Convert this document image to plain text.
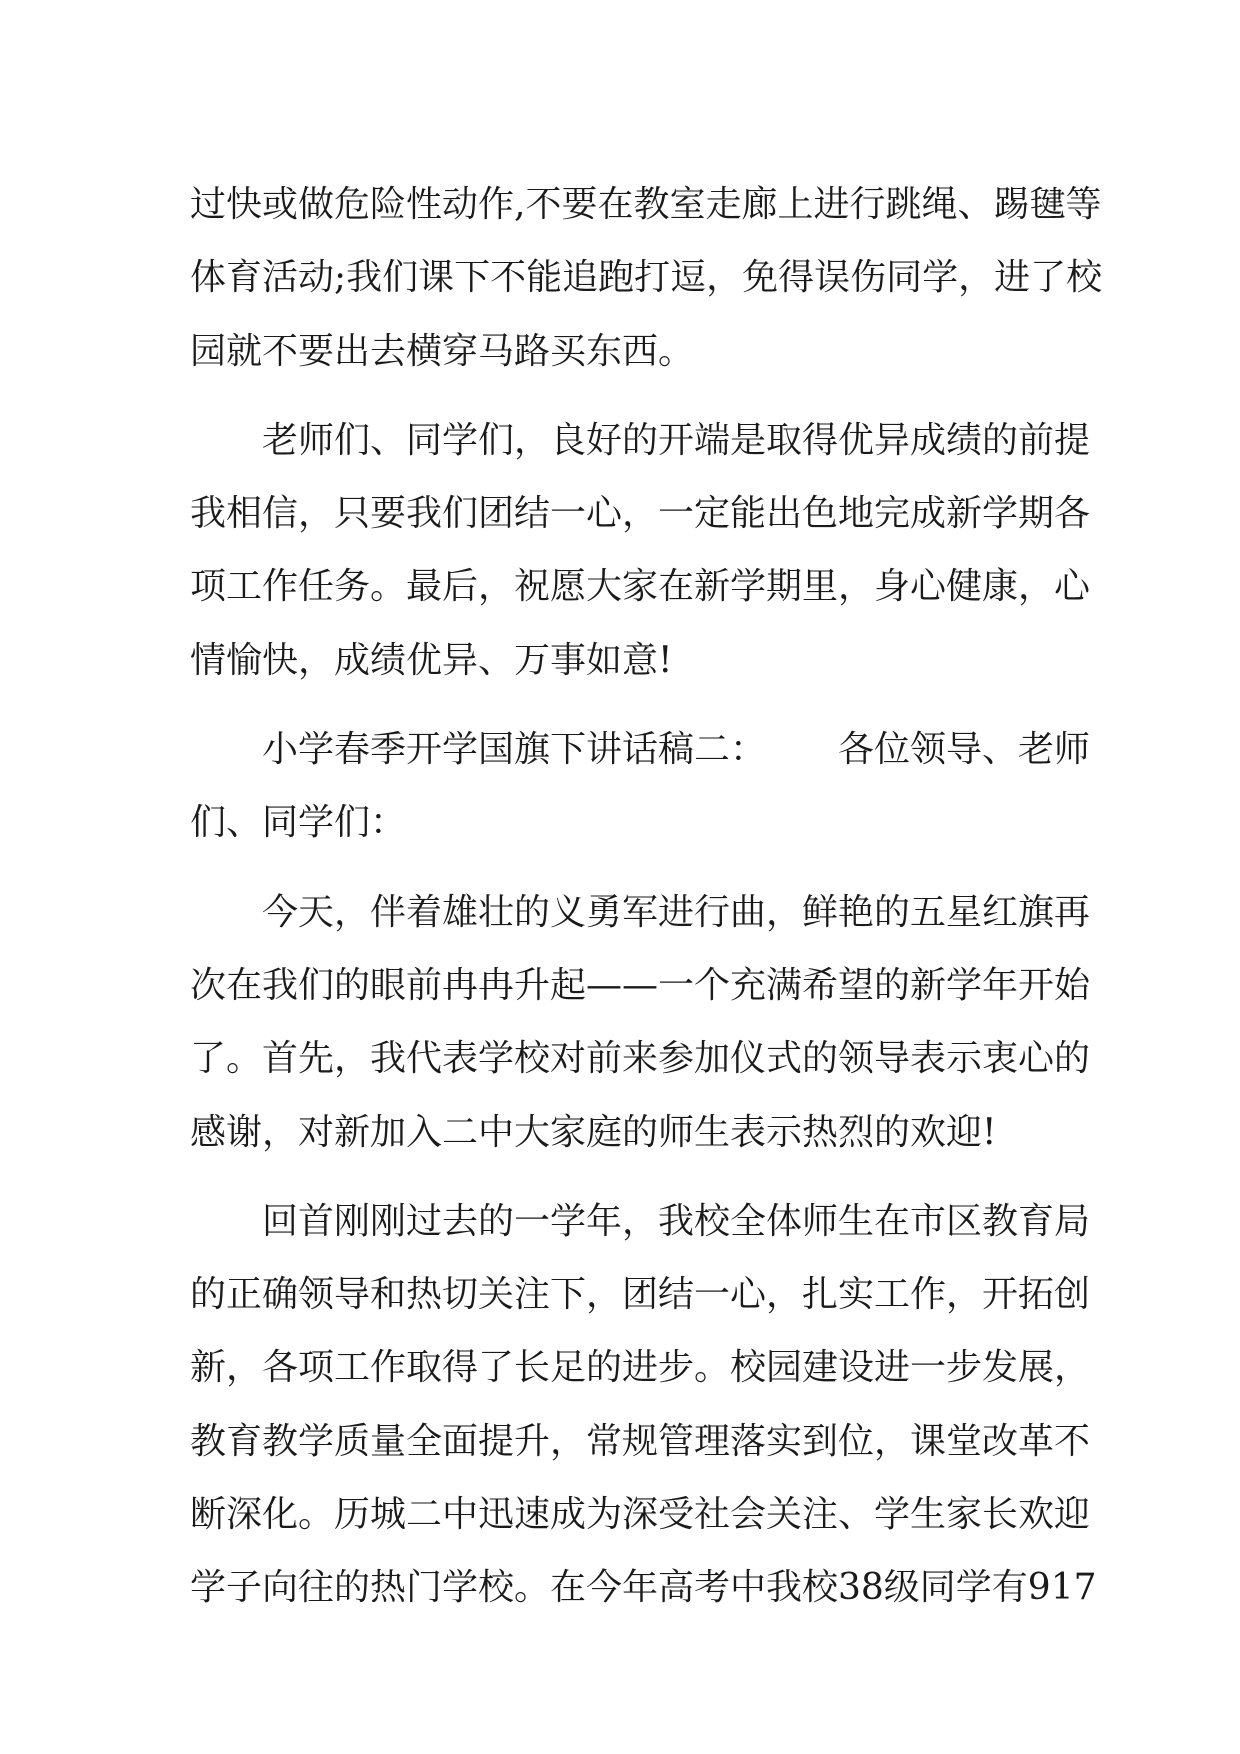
过快或做危险性动作,不要在教室走廊上进行跳绳、踢毽等
体育活动;我们课下不能追跑打逗，免得误伤同学，进了校
园就不要出去横穿马路买东西。
老师们、同学们，良好的开端是取得优异成绩的前提
我相信，只要我们团结一心，一定能出色地完成新学期各
项工作任务。最后，祝愿大家在新学期里，身心健康，心
情愉快，成绩优异、万事如意!
小学春季开学国旗下讲话稿二： 各位领导、老师
们、同学们：
今天，伴着雄壮的义勇军进行曲，鲜艳的五星红旗再
次在我们的眼前冉冉升起——一个充满希望的新学年开始
了。首先，我代表学校对前来参加仪式的领导表示衷心的
感谢，对新加入二中大家庭的师生表示热烈的欢迎!
回首刚刚过去的一学年，我校全体师生在市区教育局
的正确领导和热切关注下，团结一心，扎实工作，开拓创
新，各项工作取得了长足的进步。校园建设进一步发展，
教育教学质量全面提升，常规管理落实到位，课堂改革不
断深化。历城二中迅速成为深受社会关注、学生家长欢迎
学子向往的热门学校。在今年高考中我校38级同学有917
